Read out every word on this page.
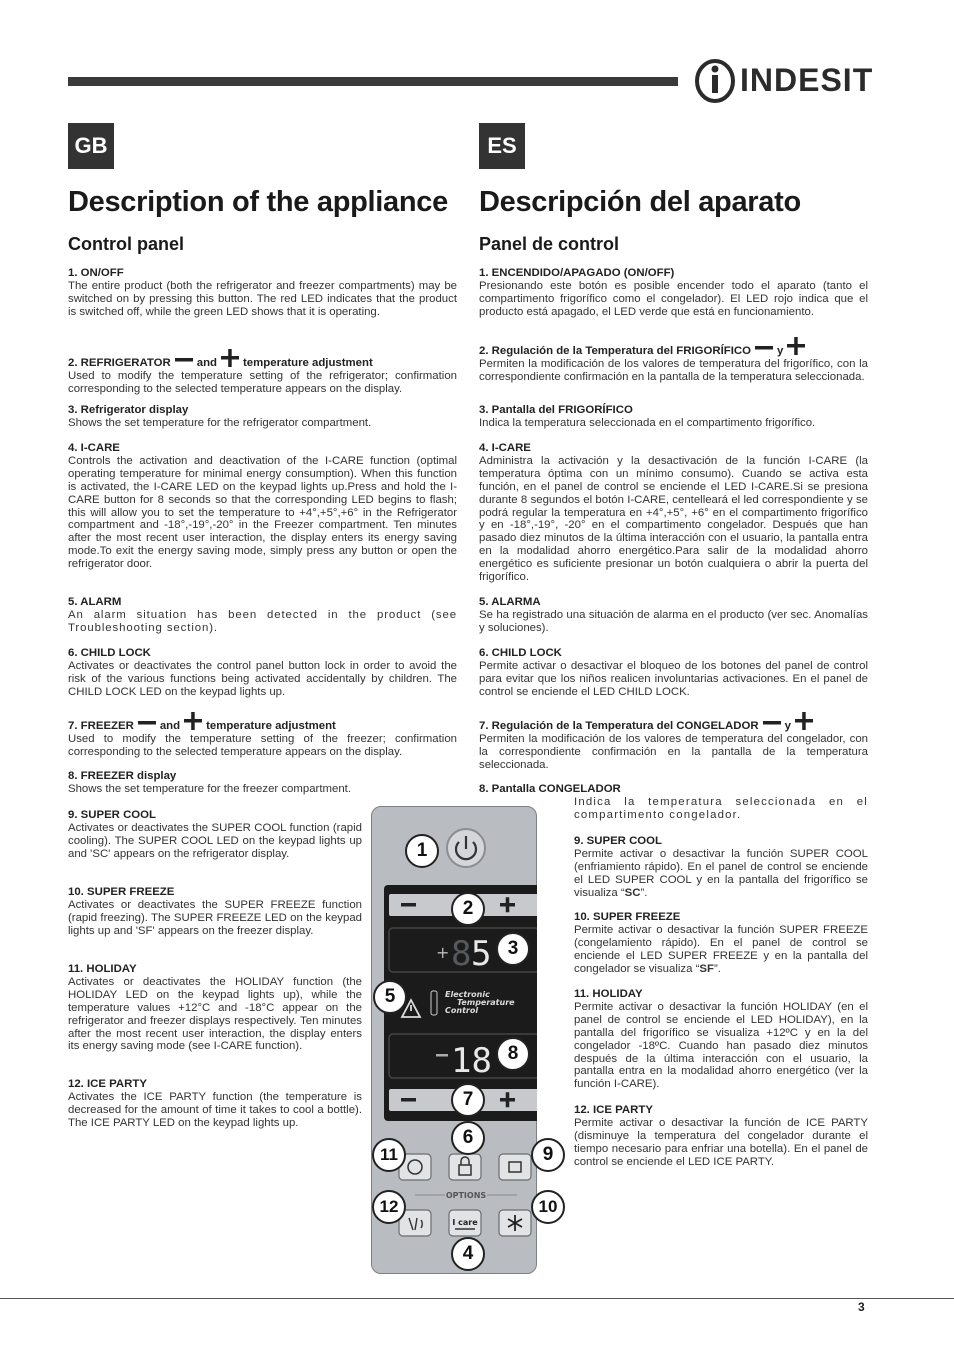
INDESIT
GB	ES
Description of the appliance Descripción del aparato
Control panel	Panel de control
1. ON/OFF
The entire product (both the refrigerator and freezer compartments) may be switched on by pressing this button. The red LED indicates that the product is switched off, while the green LED shows that it is operating.
2. REFRIGERATOR and temperature adjustment
Used to modify the temperature setting of the refrigerator; confirmation corresponding to the selected temperature appears on the display.
3. Refrigerator display
Shows the set temperature for the refrigerator compartment.
4. I-CARE
Controls the activation and deactivation of the I-CARE function (optimal operating temperature for minimal energy consumption). When this function is activated, the I-CARE LED on the keypad lights up.Press and hold the I-CARE button for 8 seconds so that the corresponding LED begins to flash; this will allow you to set the temperature to +4°,+5°,+6° in the Refrigerator compartment and -18°,-19°,-20° in the Freezer compartment. Ten minutes after the most recent user interaction, the display enters its energy saving mode.To exit the energy saving mode, simply press any button or open the refrigerator door.
5. ALARM
An alarm situation has been detected in the product (see Troubleshooting section).
6. CHILD LOCK
Activates or deactivates the control panel button lock in order to avoid the risk of the various functions being activated accidentally by children. The CHILD LOCK LED on the keypad lights up.
7. FREEZER and temperature adjustment
Used to modify the temperature setting of the freezer; confirmation corresponding to the selected temperature appears on the display.
8. FREEZER display
Shows the set temperature for the freezer compartment.
9. SUPER COOL
Activates or deactivates the SUPER COOL function (rapid cooling). The SUPER COOL LED on the keypad lights up and 'SC' appears on the refrigerator display.
10. SUPER FREEZE
Activates or deactivates the SUPER FREEZE function (rapid freezing). The SUPER FREEZE LED on the keypad lights up and 'SF' appears on the freezer display.
11. HOLIDAY
Activates or deactivates the HOLIDAY function (the HOLIDAY LED on the keypad lights up), while the temperature values +12°C and -18°C appear on the refrigerator and freezer displays respectively. Ten minutes after the most recent user interaction, the display enters its energy saving mode (see I-CARE function).
12. ICE PARTY
Activates the ICE PARTY function (the temperature is decreased for the amount of time it takes to cool a bottle). The ICE PARTY LED on the keypad lights up.
1. ENCENDIDO/APAGADO (ON/OFF)
Presionando este botón es posible encender todo el aparato (tanto el compartimento frigorífico como el congelador). El LED rojo indica que el producto está apagado, el LED verde que está en funcionamiento.
2. Regulación de la Temperatura del FRIGORÍFICO y
Permiten la modificación de los valores de temperatura del frigorífico, con la correspondiente confirmación en la pantalla de la temperatura seleccionada.
3. Pantalla del FRIGORÍFICO
Indica la temperatura seleccionada en el compartimento frigorífico.
4. I-CARE
Administra la activación y la desactivación de la función I-CARE (la temperatura óptima con un mínimo consumo). Cuando se activa esta función, en el panel de control se enciende el LED I-CARE.Si se presiona durante 8 segundos el botón I-CARE, centelleará el led correspondiente y se podrá regular la temperatura en +4°,+5°, +6° en el compartimento frigorífico y en -18°,-19°, -20° en el compartimento congelador. Después que han pasado diez minutos de la última interacción con el usuario, la pantalla entra en la modalidad ahorro energético.Para salir de la modalidad ahorro energético es suficiente presionar un botón cualquiera o abrir la puerta del frigorífico.
5. ALARMA
Se ha registrado una situación de alarma en el producto (ver sec. Anomalías y soluciones).
6. CHILD LOCK
Permite activar o desactivar el bloqueo de los botones del panel de control para evitar que los niños realicen involuntarias activaciones. En el panel de control se enciende el LED CHILD LOCK.
7. Regulación de la Temperatura del CONGELADOR y
Permiten la modificación de los valores de temperatura del congelador, con la correspondiente confirmación en la pantalla de la temperatura seleccionada.
8. Pantalla CONGELADOR
Indica la temperatura seleccionada en el compartimento congelador.
9. SUPER COOL
Permite activar o desactivar la función SUPER COOL (enfriamiento rápido). En el panel de control se enciende el LED SUPER COOL y en la pantalla del frigorífico se visualiza “SC”.
10. SUPER FREEZE
Permite activar o desactivar la función SUPER FREEZE (congelamiento rápido). En el panel de control se enciende el LED SUPER FREEZE y en la pantalla del congelador se visualiza “SF”.
11. HOLIDAY
Permite activar o desactivar la función HOLIDAY (en el panel de control se enciende el LED HOLIDAY), en la pantalla del frigorífico se visualiza +12ºC y en la del congelador -18ºC. Cuando han pasado diez minutos después de la última interacción con el usuario, la pantalla entra en la modalidad ahorro energético (ver la función I-CARE).
12. ICE PARTY
Permite activar o desactivar la función de ICE PARTY (disminuye la temperatura del congelador durante el tiempo necesario para enfriar una botella). En el panel de control se enciende el LED ICE PARTY.
+ 8 5
Electronic
Temperature
Control
18
OPTIONS
I care
1
2
3
5
8
7
6
11	9
12	10
4
3
